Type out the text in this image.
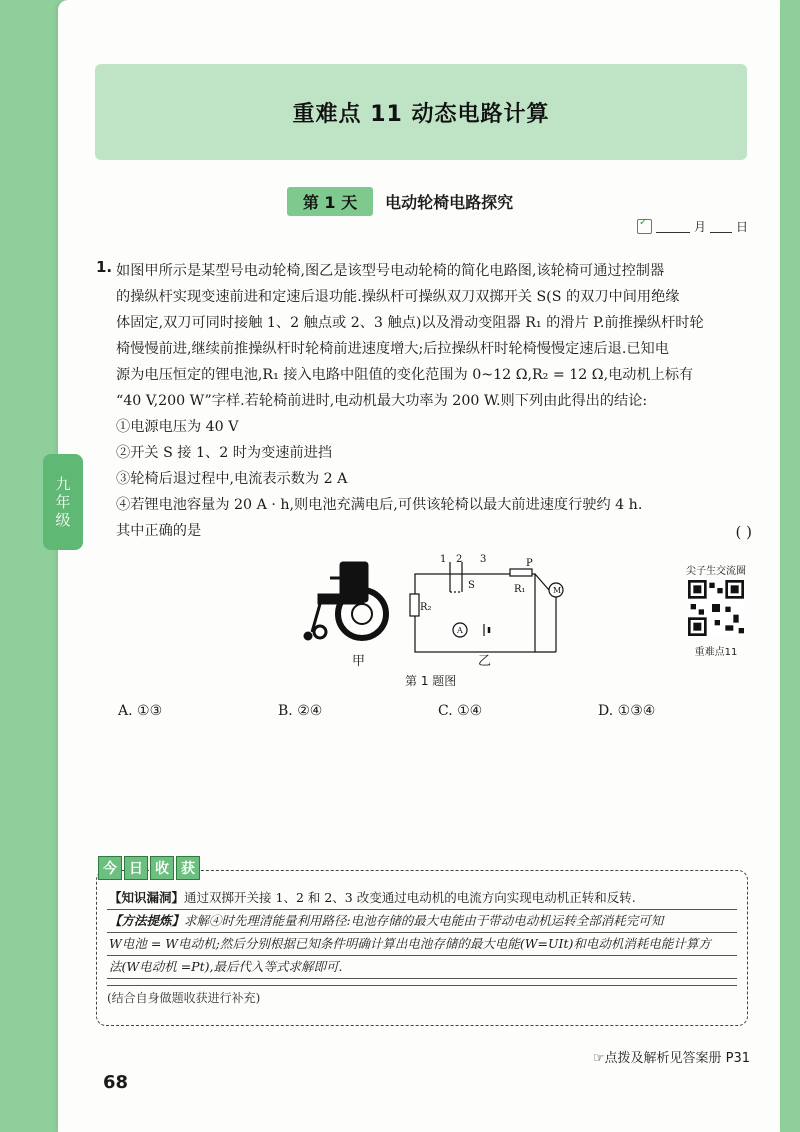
重难点 11 动态电路计算
第 1 天	电动轮椅电路探究
✓
月	日
九
年
级
1. 如图甲所示是某型号电动轮椅,图乙是该型号电动轮椅的简化电路图,该轮椅可通过控制器

的操纵杆实现变速前进和定速后退功能.操纵杆可操纵双刀双掷开关 S(S 的双刀中间用绝缘

体固定,双刀可同时接触 1、2 触点或 2、3 触点)以及滑动变阻器 R₁ 的滑片 P.前推操纵杆时轮

椅慢慢前进,继续前推操纵杆时轮椅前进速度增大;后拉操纵杆时轮椅慢慢定速后退.已知电

源为电压恒定的锂电池,R₁ 接入电路中阻值的变化范围为 0~12 Ω,R₂ = 12 Ω,电动机上标有

“40 V,200 W”字样.若轮椅前进时,电动机最大功率为 200 W.则下列由此得出的结论:

①电源电压为 40 V

②开关 S 接 1、2 时为变速前进挡

③轮椅后退过程中,电流表示数为 2 A

④若锂电池容量为 20 A · h,则电池充满电后,可供该轮椅以最大前进速度行驶约 4 h.

其中正确的是	( )
1 2 3
S
P
R₁
R₂
A
M
甲	乙
第 1 题图
尖子生交流圈
重难点11
A. ①③	B. ②④	C. ①④	D. ①③④
【知识漏洞】通过双掷开关接 1、2 和 2、3 改变通过电动机的电流方向实现电动机正转和反转.
【方法提炼】求解④时先理清能量利用路径:电池存储的最大电能由于带动电动机运转全部消耗完可知
W电池 = W电动机;然后分别根据已知条件明确计算出电池存储的最大电能(W=UIt)和电动机消耗电能计算方
法(W电动机 =Pt),最后代入等式求解即可.
(结合自身做题收获进行补充)
今 日 收 获
☞点拨及解析见答案册 P31
68
